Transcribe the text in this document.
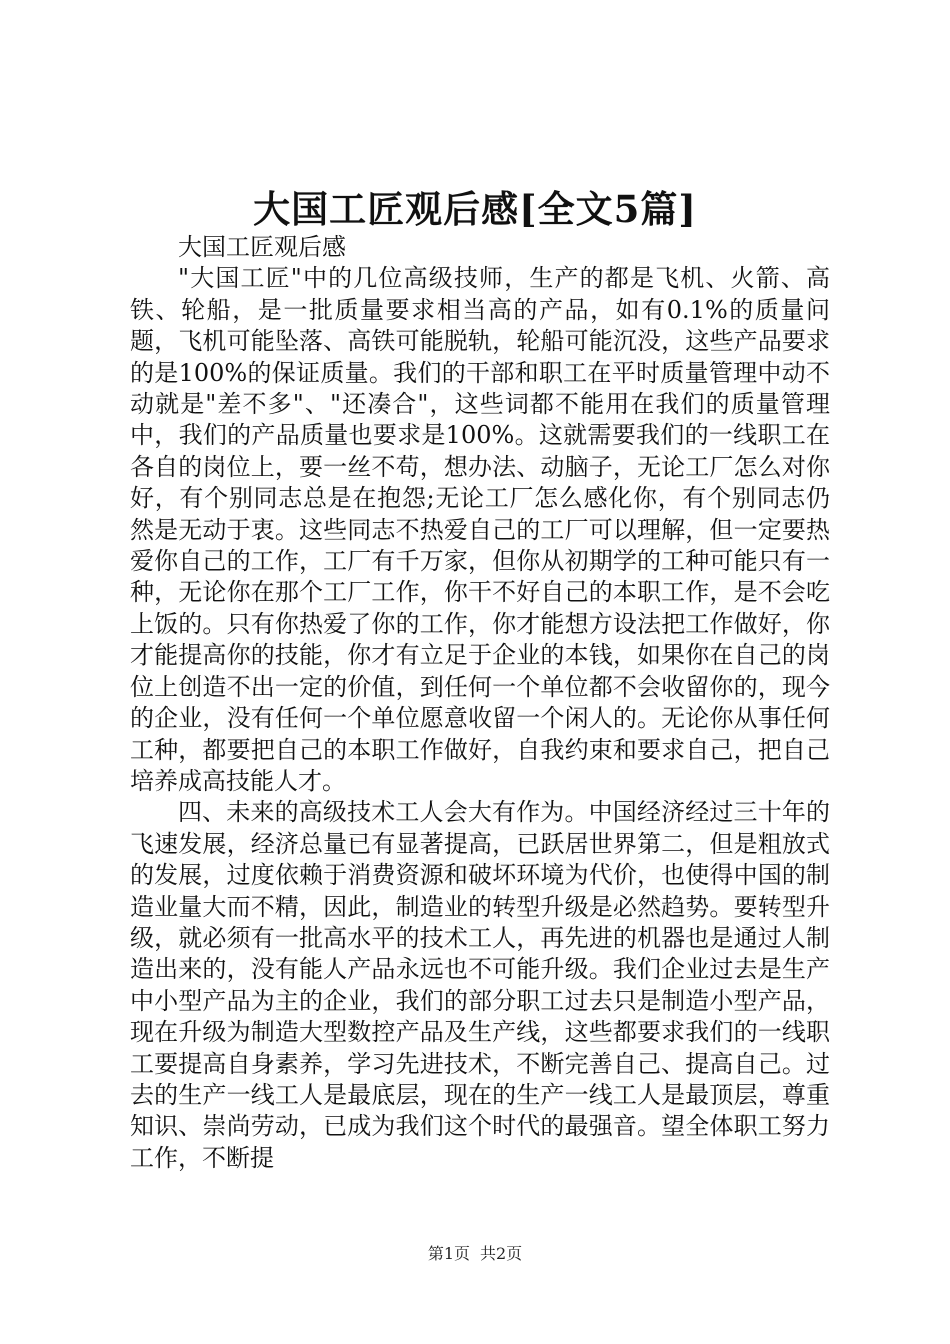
大国工匠观后感[全文5篇]

大国工匠观后感

"大国工匠"中的几位高级技师，生产的都是飞机、火箭、高铁、轮船，是一批质量要求相当高的产品，如有0.1%的质量问题，飞机可能坠落、高铁可能脱轨，轮船可能沉没，这些产品要求的是100%的保证质量。我们的干部和职工在平时质量管理中动不动就是"差不多"、"还凑合"，这些词都不能用在我们的质量管理中，我们的产品质量也要求是100%。这就需要我们的一线职工在各自的岗位上，要一丝不苟，想办法、动脑子，无论工厂怎么对你好，有个别同志总是在抱怨;无论工厂怎么感化你，有个别同志仍然是无动于衷。这些同志不热爱自己的工厂可以理解，但一定要热爱你自己的工作，工厂有千万家，但你从初期学的工种可能只有一种，无论你在那个工厂工作，你干不好自己的本职工作，是不会吃上饭的。只有你热爱了你的工作，你才能想方设法把工作做好，你才能提高你的技能，你才有立足于企业的本钱，如果你在自己的岗位上创造不出一定的价值，到任何一个单位都不会收留你的，现今的企业，没有任何一个单位愿意收留一个闲人的。无论你从事任何工种，都要把自己的本职工作做好，自我约束和要求自己，把自己培养成高技能人才。

四、未来的高级技术工人会大有作为。中国经济经过三十年的飞速发展，经济总量已有显著提高，已跃居世界第二，但是粗放式的发展，过度依赖于消费资源和破坏环境为代价，也使得中国的制造业量大而不精，因此，制造业的转型升级是必然趋势。要转型升级，就必须有一批高水平的技术工人，再先进的机器也是通过人制造出来的，没有能人产品永远也不可能升级。我们企业过去是生产中小型产品为主的企业，我们的部分职工过去只是制造小型产品，现在升级为制造大型数控产品及生产线，这些都要求我们的一线职工要提高自身素养，学习先进技术，不断完善自己、提高自己。过去的生产一线工人是最底层，现在的生产一线工人是最顶层，尊重知识、崇尚劳动，已成为我们这个时代的最强音。望全体职工努力工作，不断提

第1页 共2页
